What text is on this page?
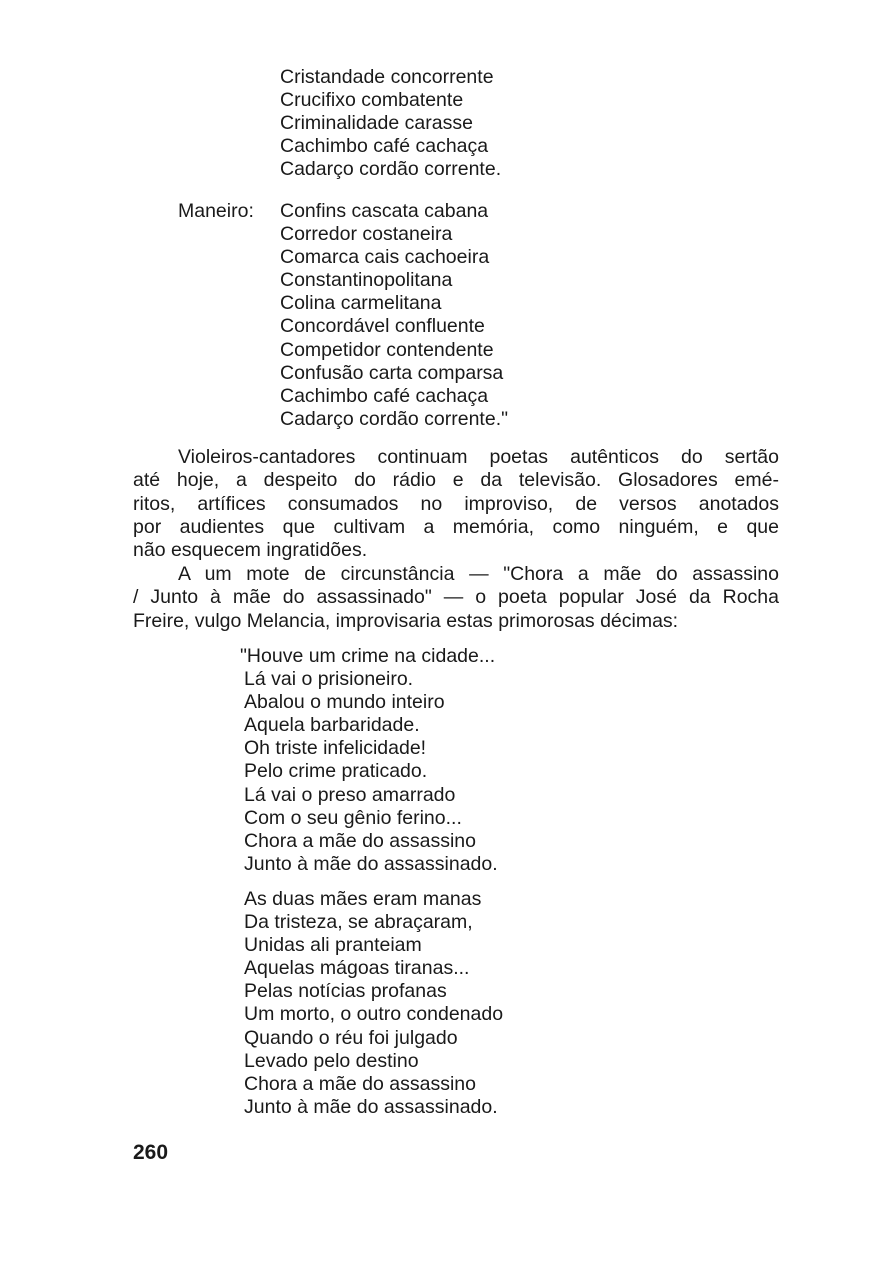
Cristandade concorrente
Crucifixo combatente
Criminalidade carasse
Cachimbo café cachaça
Cadarço cordão corrente.
Maneiro: Confins cascata cabana
Corredor costaneira
Comarca cais cachoeira
Constantinopolitana
Colina carmelitana
Concordável confluente
Competidor contendente
Confusão carta comparsa
Cachimbo café cachaça
Cadarço cordão corrente."

Violeiros-cantadores continuam poetas autênticos do sertão
até hoje, a despeito do rádio e da televisão. Glosadores emé-
ritos, artífices consumados no improviso, de versos anotados
por audientes que cultivam a memória, como ninguém, e que
não esquecem ingratidões.

A um mote de circunstância — "Chora a mãe do assassino
/ Junto à mãe do assassinado" — o poeta popular José da Rocha
Freire, vulgo Melancia, improvisaria estas primorosas décimas:

"Houve um crime na cidade...
Lá vai o prisioneiro.
Abalou o mundo inteiro
Aquela barbaridade.
Oh triste infelicidade!
Pelo crime praticado.
Lá vai o preso amarrado
Com o seu gênio ferino...
Chora a mãe do assassino
Junto à mãe do assassinado.
As duas mães eram manas
Da tristeza, se abraçaram,
Unidas ali pranteiam
Aquelas mágoas tiranas...
Pelas notícias profanas
Um morto, o outro condenado
Quando o réu foi julgado
Levado pelo destino
Chora a mãe do assassino
Junto à mãe do assassinado.
260
